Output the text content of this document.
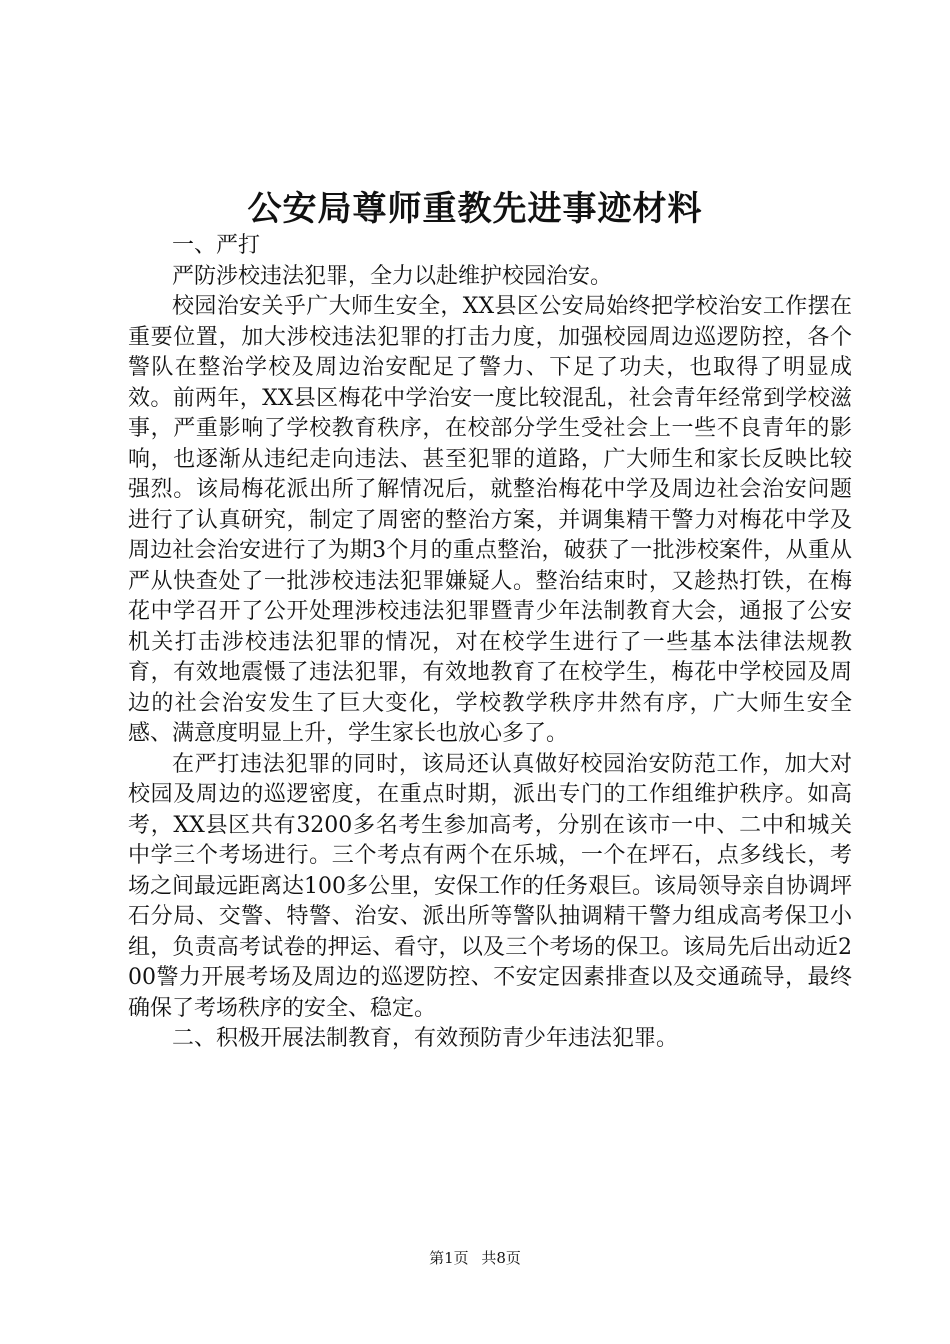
公安局尊师重教先进事迹材料

一、严打

严防涉校违法犯罪，全力以赴维护校园治安。

校园治安关乎广大师生安全，XX县区公安局始终把学校治安工作摆在重要位置，加大涉校违法犯罪的打击力度，加强校园周边巡逻防控，各个警队在整治学校及周边治安配足了警力、下足了功夫，也取得了明显成效。前两年，XX县区梅花中学治安一度比较混乱，社会青年经常到学校滋事，严重影响了学校教育秩序，在校部分学生受社会上一些不良青年的影响，也逐渐从违纪走向违法、甚至犯罪的道路，广大师生和家长反映比较强烈。该局梅花派出所了解情况后，就整治梅花中学及周边社会治安问题进行了认真研究，制定了周密的整治方案，并调集精干警力对梅花中学及周边社会治安进行了为期3个月的重点整治，破获了一批涉校案件，从重从严从快查处了一批涉校违法犯罪嫌疑人。整治结束时，又趁热打铁，在梅花中学召开了公开处理涉校违法犯罪暨青少年法制教育大会，通报了公安机关打击涉校违法犯罪的情况，对在校学生进行了一些基本法律法规教育，有效地震慑了违法犯罪，有效地教育了在校学生，梅花中学校园及周边的社会治安发生了巨大变化，学校教学秩序井然有序，广大师生安全感、满意度明显上升，学生家长也放心多了。

在严打违法犯罪的同时，该局还认真做好校园治安防范工作，加大对校园及周边的巡逻密度，在重点时期，派出专门的工作组维护秩序。如高考，XX县区共有3200多名考生参加高考，分别在该市一中、二中和城关中学三个考场进行。三个考点有两个在乐城，一个在坪石，点多线长，考场之间最远距离达100多公里，安保工作的任务艰巨。该局领导亲自协调坪石分局、交警、特警、治安、派出所等警队抽调精干警力组成高考保卫小组，负责高考试卷的押运、看守，以及三个考场的保卫。该局先后出动近200警力开展考场及周边的巡逻防控、不安定因素排查以及交通疏导，最终确保了考场秩序的安全、稳定。

二、积极开展法制教育，有效预防青少年违法犯罪。

第1页 共8页
